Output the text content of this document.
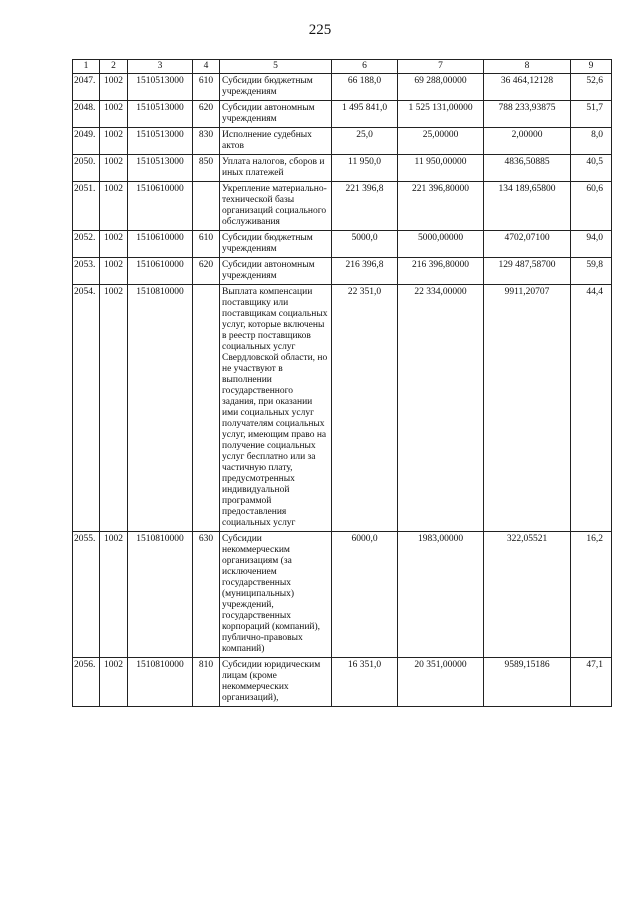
225
1	2	3	4	5	6	7	8	9
2047.	1002	1510513000	610	Субсидии бюджетным учреждениям	66 188,0	69 288,00000	36 464,12128	52,6
2048.	1002	1510513000	620	Субсидии автономным учреждениям	1 495 841,0	1 525 131,00000	788 233,93875	51,7
2049.	1002	1510513000	830	Исполнение судебных актов	25,0	25,00000	2,00000	8,0
2050.	1002	1510513000	850	Уплата налогов, сборов и иных платежей	11 950,0	11 950,00000	4836,50885	40,5
2051.	1002	1510610000		Укрепление материально-технической базы организаций социального обслуживания	221 396,8	221 396,80000	134 189,65800	60,6
2052.	1002	1510610000	610	Субсидии бюджетным учреждениям	5000,0	5000,00000	4702,07100	94,0
2053.	1002	1510610000	620	Субсидии автономным учреждениям	216 396,8	216 396,80000	129 487,58700	59,8
2054.	1002	1510810000		Выплата компенсации поставщику или поставщикам социальных услуг, которые включены в реестр поставщиков социальных услуг Свердловской области, но не участвуют в выполнении государственного задания, при оказании ими социальных услуг получателям социальных услуг, имеющим право на получение социальных услуг бесплатно или за частичную плату, предусмотренных индивидуальной программой предоставления социальных услуг	22 351,0	22 334,00000	9911,20707	44,4
2055.	1002	1510810000	630	Субсидии некоммерческим организациям (за исключением государственных (муниципальных) учреждений, государственных корпораций (компаний), публично-правовых компаний)	6000,0	1983,00000	322,05521	16,2
2056.	1002	1510810000	810	Субсидии юридическим лицам (кроме некоммерческих организаций),	16 351,0	20 351,00000	9589,15186	47,1
